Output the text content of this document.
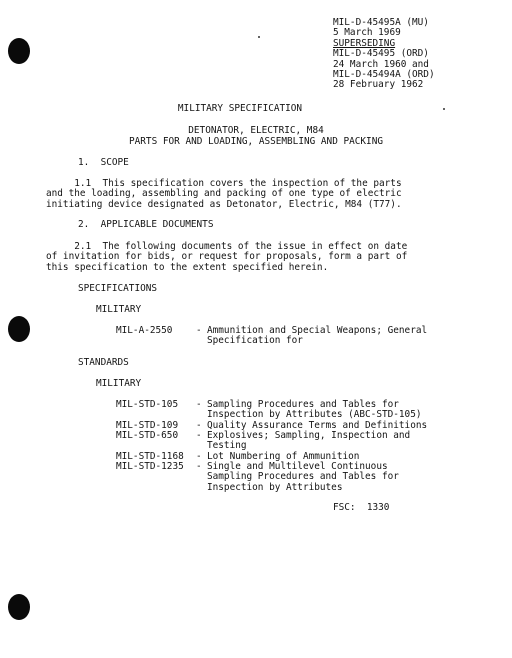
MIL-D-45495A (MU)
5 March 1969
SUPERSEDING
MIL-D-45495 (ORD)
24 March 1960 and
MIL-D-45494A (ORD)
28 February 1962
MILITARY SPECIFICATION
DETONATOR, ELECTRIC, M84
PARTS FOR AND LOADING, ASSEMBLING AND PACKING
1.  SCOPE
1.1  This specification covers the inspection of the parts
and the loading, assembling and packing of one type of electric
initiating device designated as Detonator, Electric, M84 (T77).
2.  APPLICABLE DOCUMENTS
2.1  The following documents of the issue in effect on date
of invitation for bids, or request for proposals, form a part of
this specification to the extent specified herein.
SPECIFICATIONS
MILITARY
MIL-A-2550	- Ammunition and Special Weapons; General
Specification for
STANDARDS
MILITARY
MIL-STD-105 - Sampling Procedures and Tables for
Inspection by Attributes (ABC-STD-105)
MIL-STD-109 - Quality Assurance Terms and Definitions
MIL-STD-650 - Explosives; Sampling, Inspection and
Testing
MIL-STD-1168 - Lot Numbering of Ammunition
MIL-STD-1235 - Single and Multilevel Continuous
Sampling Procedures and Tables for
Inspection by Attributes
FSC:  1330
